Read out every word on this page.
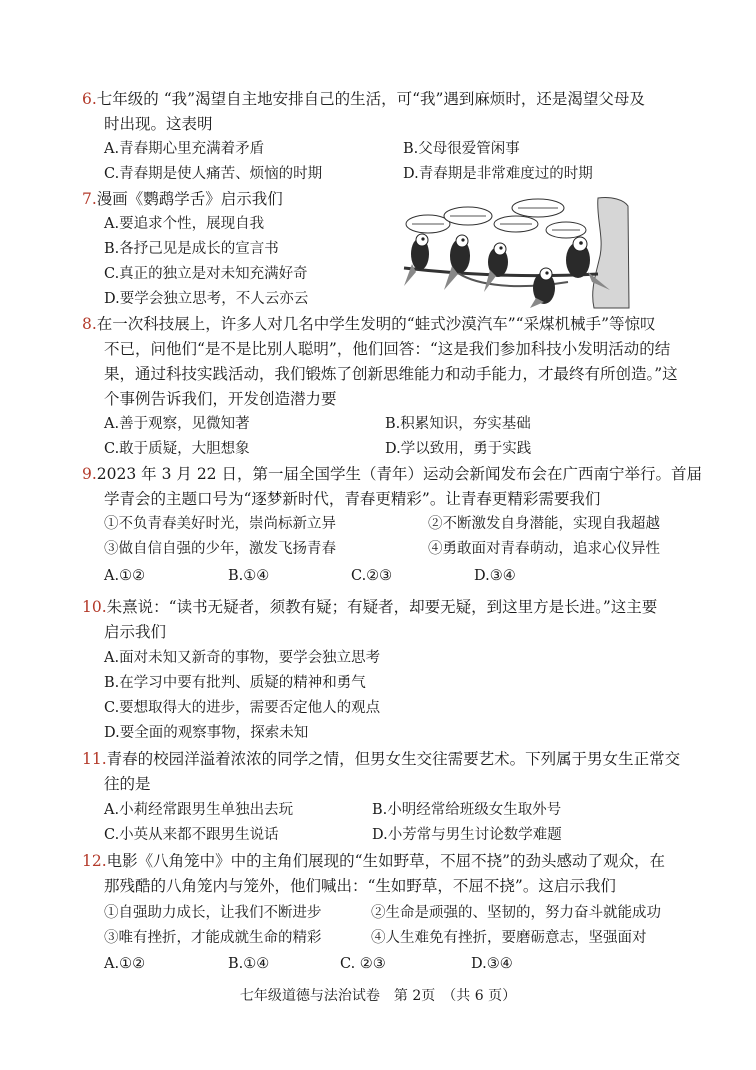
6.七年级的 “我”渴望自主地安排自己的生活，可“我”遇到麻烦时，还是渴望父母及
时出现。这表明
A.青春期心里充满着矛盾	B.父母很爱管闲事
C.青春期是使人痛苦、烦恼的时期	D.青春期是非常难度过的时期
7.漫画《鹦鹉学舌》启示我们
A.要追求个性，展现自我
B.各抒己见是成长的宣言书
C.真正的独立是对未知充满好奇
D.要学会独立思考，不人云亦云
8.在一次科技展上，许多人对几名中学生发明的“蛙式沙漠汽车”“采煤机械手”等惊叹
不已，问他们“是不是比别人聪明”，他们回答：“这是我们参加科技小发明活动的结
果，通过科技实践活动，我们锻炼了创新思维能力和动手能力，才最终有所创造。”这
个事例告诉我们，开发创造潜力要
A.善于观察，见微知著	B.积累知识，夯实基础
C.敢于质疑，大胆想象	D.学以致用，勇于实践
9.2023 年 3 月 22 日，第一届全国学生（青年）运动会新闻发布会在广西南宁举行。首届
学青会的主题口号为“逐梦新时代，青春更精彩”。让青春更精彩需要我们
①不负青春美好时光，崇尚标新立异	②不断激发自身潜能，实现自我超越
③做自信自强的少年，激发飞扬青春	④勇敢面对青春萌动，追求心仪异性
A.①②	B.①④	C.②③	D.③④
10.朱熹说：“读书无疑者，须教有疑；有疑者，却要无疑，到这里方是长进。”这主要
启示我们
A.面对未知又新奇的事物，要学会独立思考
B.在学习中要有批判、质疑的精神和勇气
C.要想取得大的进步，需要否定他人的观点
D.要全面的观察事物，探索未知
11.青春的校园洋溢着浓浓的同学之情，但男女生交往需要艺术。下列属于男女生正常交
往的是
A.小莉经常跟男生单独出去玩	B.小明经常给班级女生取外号
C.小英从来都不跟男生说话	D.小芳常与男生讨论数学难题
12.电影《八角笼中》中的主角们展现的“生如野草，不屈不挠”的劲头感动了观众，在
那残酷的八角笼内与笼外，他们喊出：“生如野草，不屈不挠”。这启示我们
①自强助力成长，让我们不断进步	②生命是顽强的、坚韧的，努力奋斗就能成功
③唯有挫折，才能成就生命的精彩	④人生难免有挫折，要磨砺意志，坚强面对
A.①②	B.①④	C. ②③	D.③④
七年级道德与法治试卷　第 2页　（共 6 页）
